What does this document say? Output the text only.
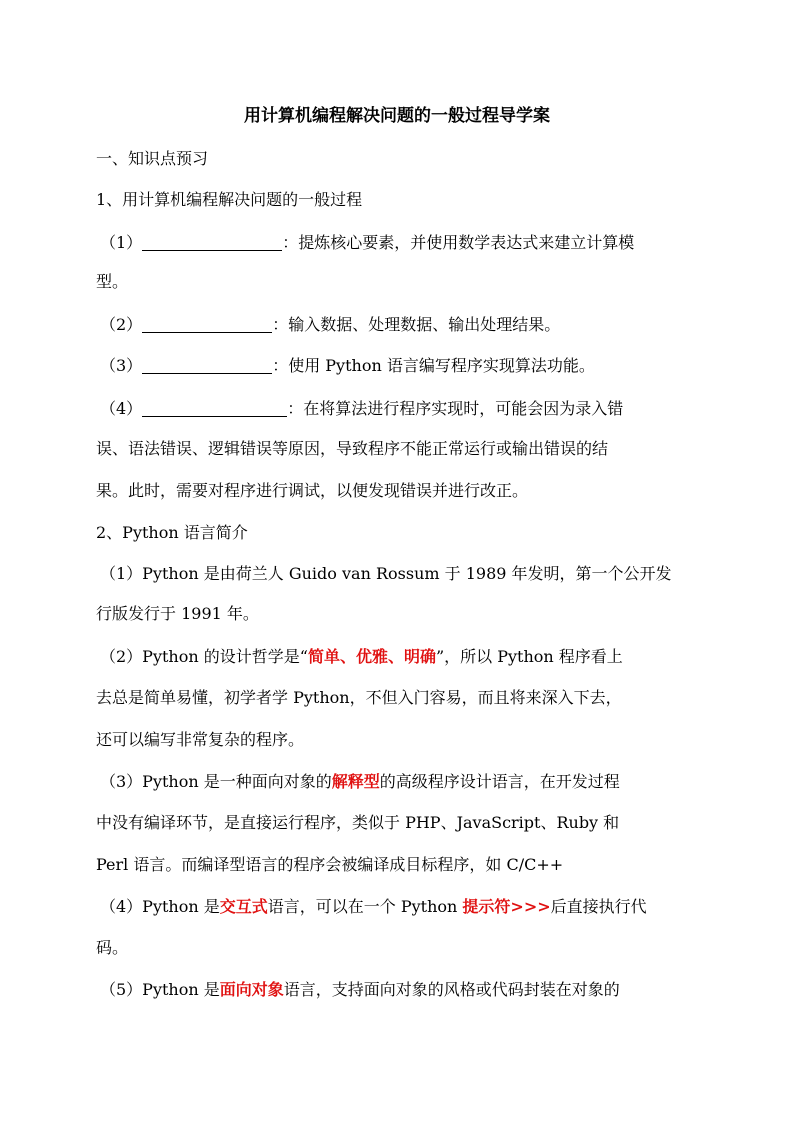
用计算机编程解决问题的一般过程导学案
一、知识点预习
1、用计算机编程解决问题的一般过程
（1）	：提炼核心要素，并使用数学表达式来建立计算模
型。
（2）	：输入数据、处理数据、输出处理结果。
（3）	：使用 Python 语言编写程序实现算法功能。
（4）	：在将算法进行程序实现时，可能会因为录入错
误、语法错误、逻辑错误等原因，导致程序不能正常运行或输出错误的结
果。此时，需要对程序进行调试，以便发现错误并进行改正。
2、Python 语言简介
（1）Python 是由荷兰人 Guido van Rossum 于 1989 年发明，第一个公开发
行版发行于 1991 年。
（2）Python 的设计哲学是“简单、优雅、明确”，所以 Python 程序看上
去总是简单易懂，初学者学 Python，不但入门容易，而且将来深入下去，
还可以编写非常复杂的程序。
（3）Python 是一种面向对象的解释型的高级程序设计语言，在开发过程
中没有编译环节，是直接运行程序，类似于 PHP、JavaScript、Ruby 和
Perl 语言。而编译型语言的程序会被编译成目标程序，如 C/C++
（4）Python 是交互式语言，可以在一个 Python 提示符>>>后直接执行代
码。
（5）Python 是面向对象语言，支持面向对象的风格或代码封装在对象的
